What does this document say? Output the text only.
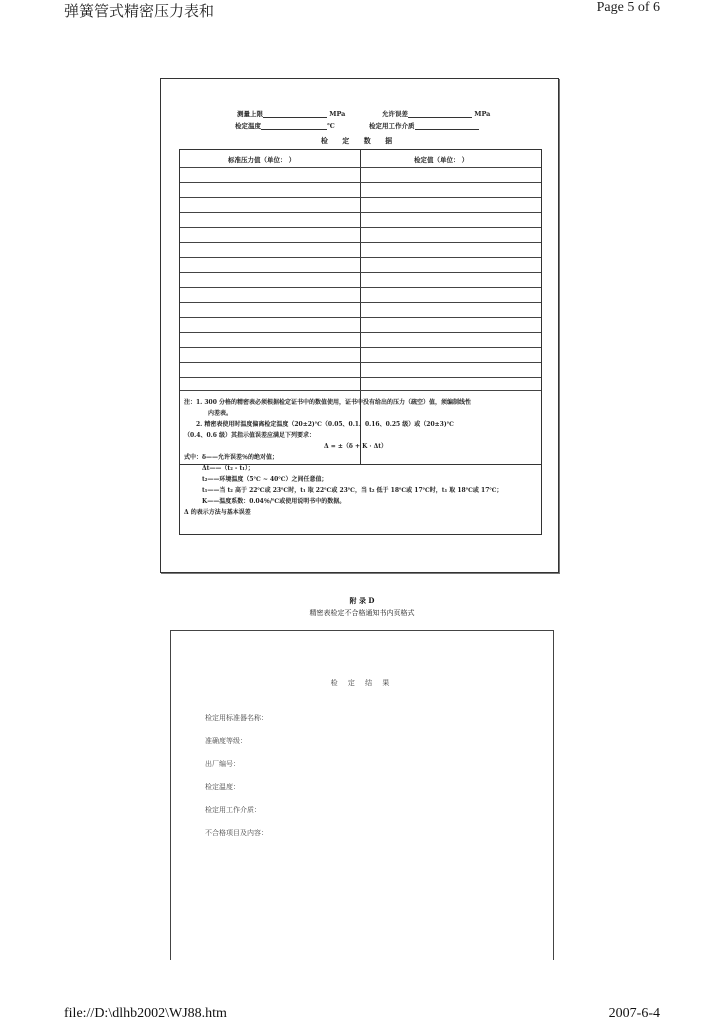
弹簧管式精密压力表和	Page 5 of 6
测量上限	MPa	允许误差	MPa
检定温度	℃	检定用工作介质
检 定 数 据
标准压力值（单位： ）	检定值（单位： ）
注：1. 300 分格的精密表必须根据检定证书中的数值使用，证书中没有给出的压力（疏空）值，须编制线性
内差表。
2. 精密表使用时温度偏离检定温度（20±2)℃（0.05、0.1、0.16、0.25 级）或（20±3)℃
（0.4、0.6 级）其指示值误差应满足下列要求：
Δ = ±（δ + K · Δt）
式中：δ——允许误差％的绝对值；
Δt——（t₂ - t₁）；
t₂——环境温度（5℃ ~ 40℃）之间任意值；
t₁——当 t₂ 高于 22℃或 23℃时，t₁ 取 22℃或 23℃，当 t₂ 低于 18℃或 17℃时，t₁ 取 18℃或 17℃；
K——温度系数：0.04％/℃或使用说明书中的数据。
Δ 的表示方法与基本误差
附 录 D
精密表检定不合格通知书内页格式
检 定 结 果
检定用标准器名称：
准确度等级：
出厂编号：
检定温度：
检定用工作介质：
不合格项目及内容：
file://D:\dlhb2002\WJ88.htm	2007-6-4
